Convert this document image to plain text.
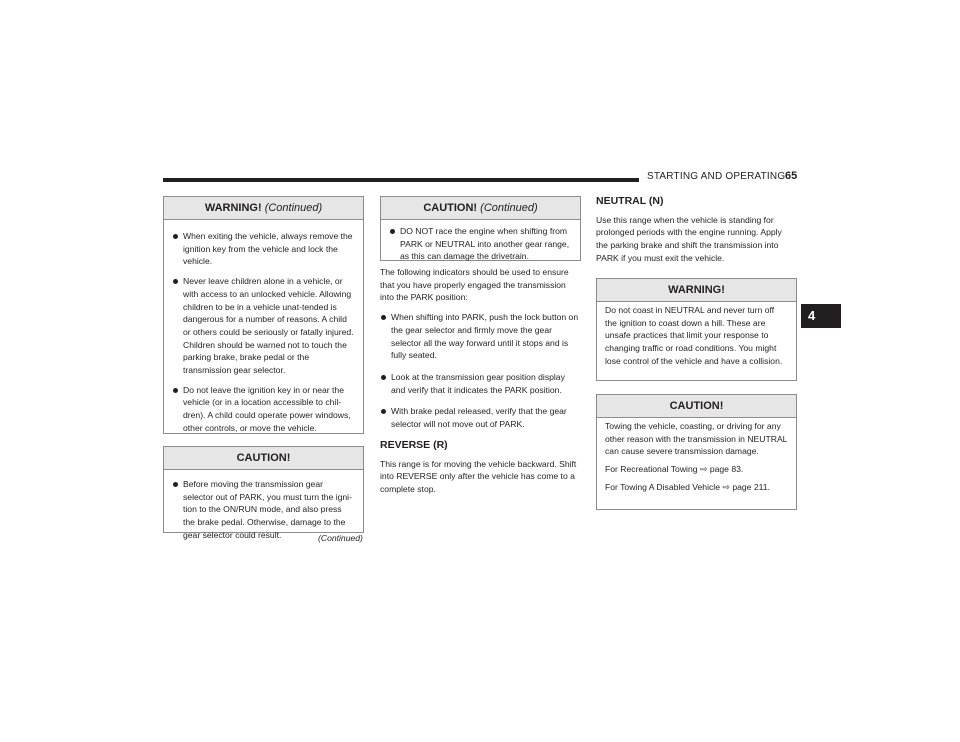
STARTING AND OPERATING 65
4
WARNING! (Continued)
When exiting the vehicle, always remove the ignition key from the vehicle and lock the vehicle.
Never leave children alone in a vehicle, or with access to an unlocked vehicle. Allowing children to be in a vehicle unat-tended is dangerous for a number of reasons. A child or others could be seriously or fatally injured. Children should be warned not to touch the parking brake, brake pedal or the transmission gear selector.
Do not leave the ignition key in or near the vehicle (or in a location accessible to chil-dren). A child could operate power windows, other controls, or move the vehicle.
CAUTION!
Before moving the transmission gear selector out of PARK, you must turn the igni-tion to the ON/RUN mode, and also press the brake pedal. Otherwise, damage to the gear selector could result.	(Continued)
CAUTION! (Continued)
DO NOT race the engine when shifting from PARK or NEUTRAL into another gear range, as this can damage the drivetrain.
The following indicators should be used to ensure that you have properly engaged the transmission into the PARK position:
When shifting into PARK, push the lock button on the gear selector and firmly move the gear selector all the way forward until it stops and is fully seated.
Look at the transmission gear position display and verify that it indicates the PARK position.
With brake pedal released, verify that the gear selector will not move out of PARK.
REVERSE (R)
This range is for moving the vehicle backward. Shift into REVERSE only after the vehicle has come to a complete stop.
NEUTRAL (N)
Use this range when the vehicle is standing for prolonged periods with the engine running. Apply the parking brake and shift the transmission into PARK if you must exit the vehicle.
WARNING!
Do not coast in NEUTRAL and never turn off the ignition to coast down a hill. These are unsafe practices that limit your response to changing traffic or road conditions. You might lose control of the vehicle and have a collision.
CAUTION!
Towing the vehicle, coasting, or driving for any other reason with the transmission in NEUTRAL can cause severe transmission damage.
For Recreational Towing ⇨ page 83.
For Towing A Disabled Vehicle ⇨ page 211.
